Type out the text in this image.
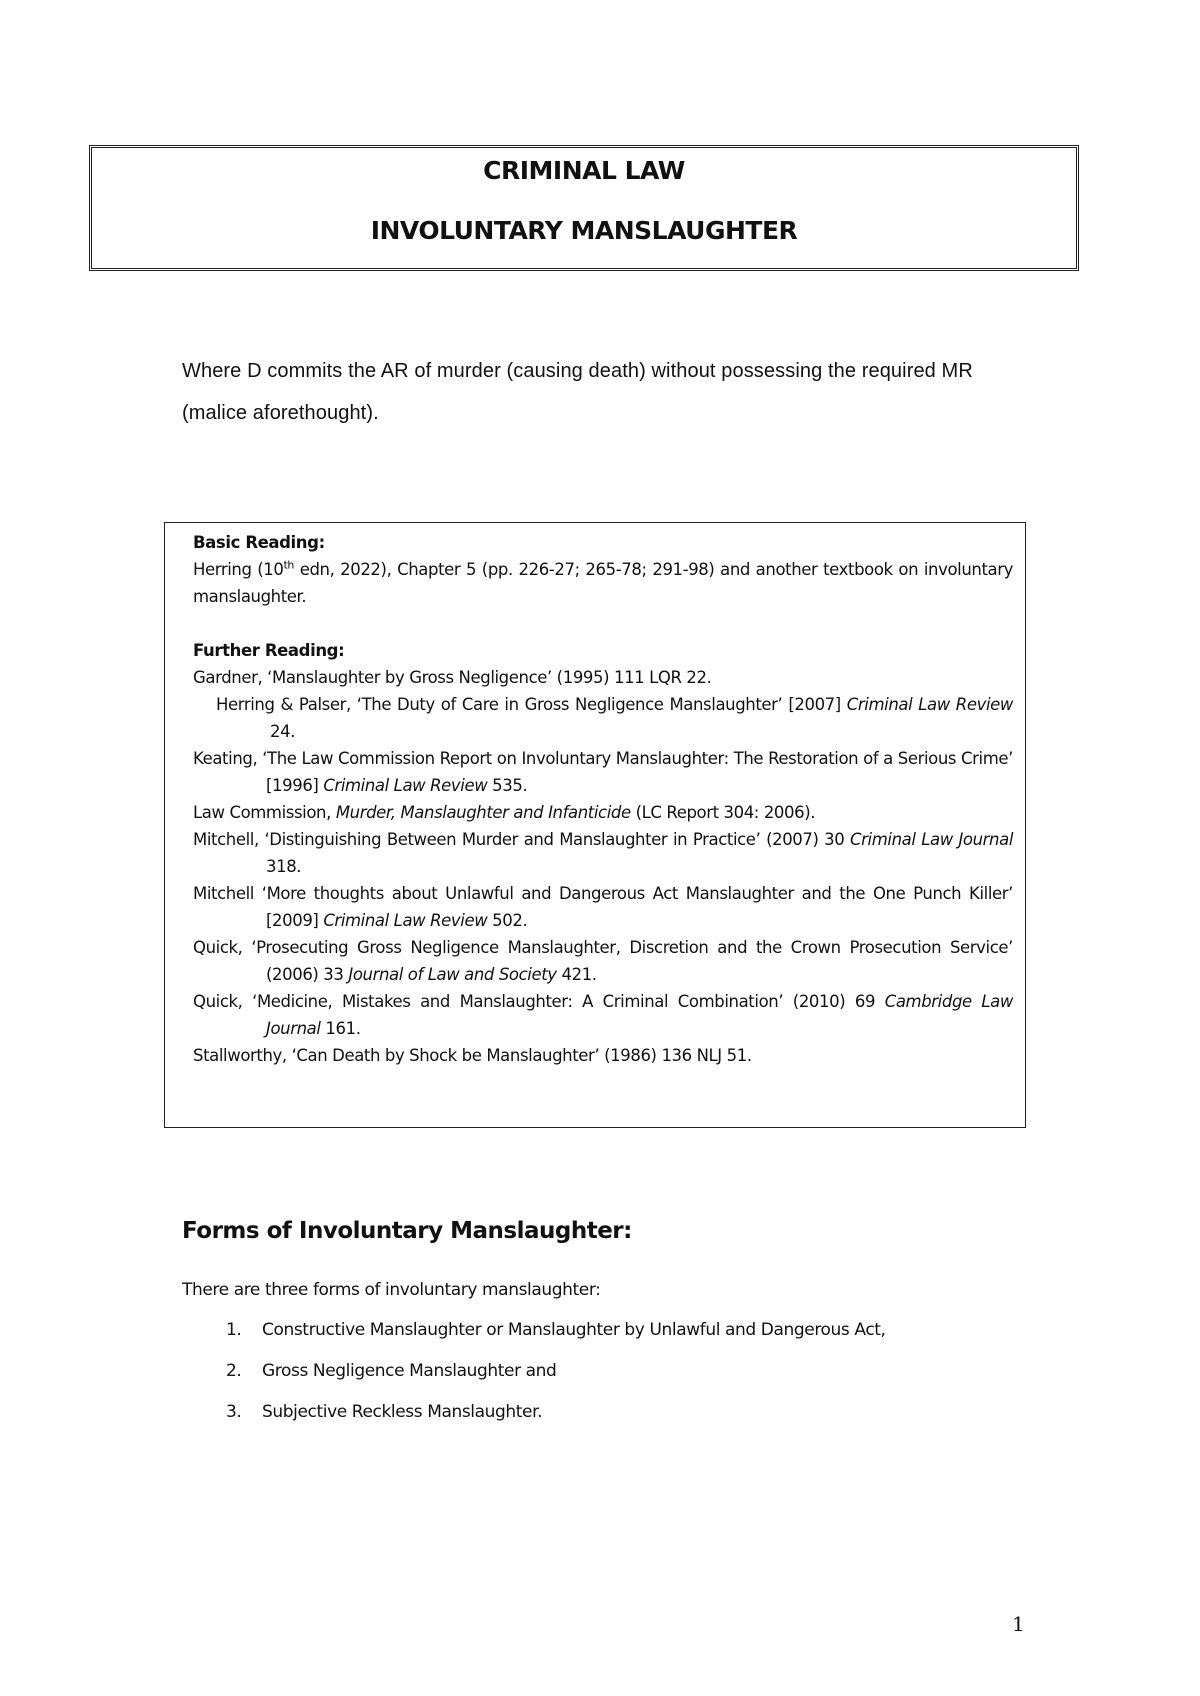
CRIMINAL LAW
INVOLUNTARY MANSLAUGHTER
Where D commits the AR of murder (causing death) without possessing the required MR (malice aforethought).
Basic Reading:
Herring (10th edn, 2022), Chapter 5 (pp. 226-27; 265-78; 291-98) and another textbook on involuntary manslaughter.
Further Reading:
Gardner, ‘Manslaughter by Gross Negligence’ (1995) 111 LQR 22.
Herring & Palser, ‘The Duty of Care in Gross Negligence Manslaughter’ [2007] Criminal Law Review 24.
Keating, ‘The Law Commission Report on Involuntary Manslaughter: The Restoration of a Serious Crime’ [1996] Criminal Law Review 535.
Law Commission, Murder, Manslaughter and Infanticide (LC Report 304: 2006).
Mitchell, ‘Distinguishing Between Murder and Manslaughter in Practice’ (2007) 30 Criminal Law Journal 318.
Mitchell ‘More thoughts about Unlawful and Dangerous Act Manslaughter and the One Punch Killer’ [2009] Criminal Law Review 502.
Quick, ‘Prosecuting Gross Negligence Manslaughter, Discretion and the Crown Prosecution Service’ (2006) 33 Journal of Law and Society 421.
Quick, ‘Medicine, Mistakes and Manslaughter: A Criminal Combination’ (2010) 69 Cambridge Law Journal 161.
Stallworthy, ‘Can Death by Shock be Manslaughter’ (1986) 136 NLJ 51.
Forms of Involuntary Manslaughter:
There are three forms of involuntary manslaughter:
1.	Constructive Manslaughter or Manslaughter by Unlawful and Dangerous Act,
2.	Gross Negligence Manslaughter and
3.	Subjective Reckless Manslaughter.
1
